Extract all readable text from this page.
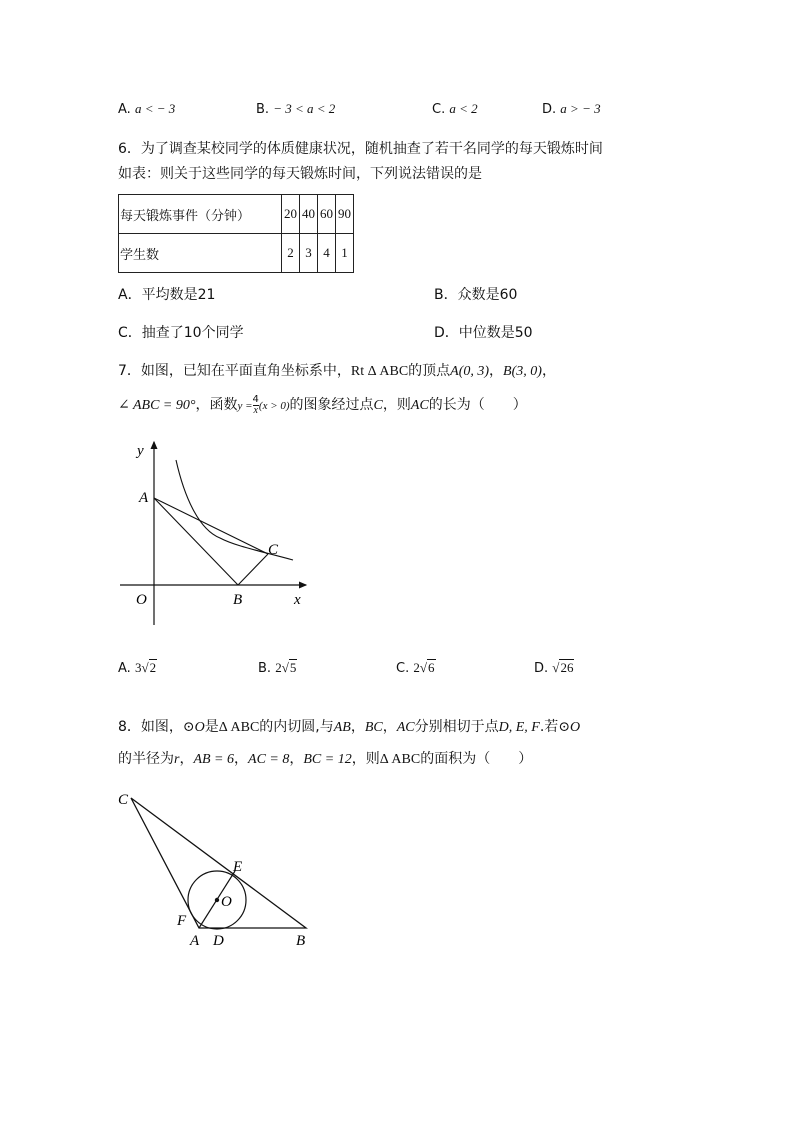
A. a < − 3	B. − 3 < a < 2	C. a < 2	D. a > − 3
6．为了调查某校同学的体质健康状况，随机抽查了若干名同学的每天锻炼时间
如表：则关于这些同学的每天锻炼时间，下列说法错误的是
每天锻炼事件（分钟）	20	40	60	90
学生数	2	3	4	1
A．平均数是21	B．众数是60
C．抽查了10个同学	D．中位数是50
7．如图，已知在平面直角坐标系中，Rt Δ ABC的顶点A(0, 3)，B(3, 0)，
∠ ABC = 90°，函数$y = \frac{4}{x} (x > 0)$的图象经过点C，则AC的长为（　　）
y
x
O
A
B
C
A. 3√2	B. 2√5	C. 2√6	D. √26
8．如图，⊙O是Δ ABC的内切圆,与AB，BC，AC分别相切于点D, E, F.若⊙O
的半径为r，AB = 6，AC = 8，BC = 12，则Δ ABC的面积为（　　）
C
E
O
F
A D	B
